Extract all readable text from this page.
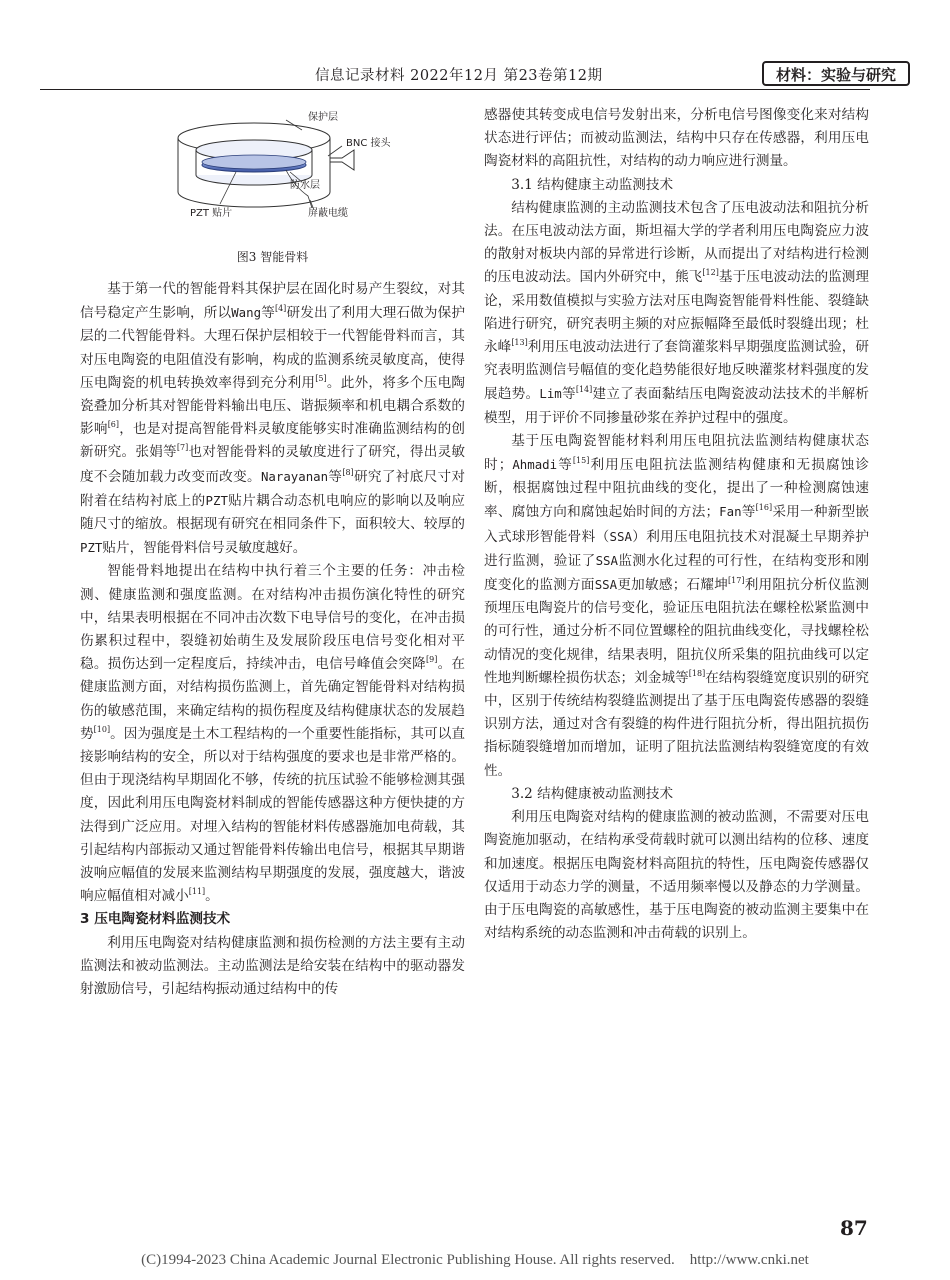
信息记录材料 2022年12月 第23卷第12期	材料：实验与研究
保护层
BNC 接头
防水层
PZT 贴片	屏蔽电缆
图3 智能骨料

基于第一代的智能骨料其保护层在固化时易产生裂纹，对其信号稳定产生影响，所以Wang等[4]研发出了利用大理石做为保护层的二代智能骨料。大理石保护层相较于一代智能骨料而言，其对压电陶瓷的电阻值没有影响，构成的监测系统灵敏度高，使得压电陶瓷的机电转换效率得到充分利用[5]。此外，将多个压电陶瓷叠加分析其对智能骨料输出电压、谐振频率和机电耦合系数的影响[6]，也是对提高智能骨料灵敏度能够实时准确监测结构的创新研究。张娟等[7]也对智能骨料的灵敏度进行了研究，得出灵敏度不会随加载力改变而改变。Narayanan等[8]研究了衬底尺寸对附着在结构衬底上的PZT贴片耦合动态机电响应的影响以及响应随尺寸的缩放。根据现有研究在相同条件下，面积较大、较厚的PZT贴片，智能骨料信号灵敏度越好。

智能骨料地提出在结构中执行着三个主要的任务：冲击检测、健康监测和强度监测。在对结构冲击损伤演化特性的研究中，结果表明根据在不同冲击次数下电导信号的变化，在冲击损伤累积过程中，裂缝初始萌生及发展阶段压电信号变化相对平稳。损伤达到一定程度后，持续冲击，电信号峰值会突降[9]。在健康监测方面，对结构损伤监测上，首先确定智能骨料对结构损伤的敏感范围，来确定结构的损伤程度及结构健康状态的发展趋势[10]。因为强度是土木工程结构的一个重要性能指标，其可以直接影响结构的安全，所以对于结构强度的要求也是非常严格的。但由于现浇结构早期固化不够，传统的抗压试验不能够检测其强度，因此利用压电陶瓷材料制成的智能传感器这种方便快捷的方法得到广泛应用。对埋入结构的智能材料传感器施加电荷载，其引起结构内部振动又通过智能骨料传输出电信号，根据其早期谐波响应幅值的发展来监测结构早期强度的发展，强度越大，谐波响应幅值相对减小[11]。

3 压电陶瓷材料监测技术

利用压电陶瓷对结构健康监测和损伤检测的方法主要有主动监测法和被动监测法。主动监测法是给安装在结构中的驱动器发射激励信号，引起结构振动通过结构中的传

感器使其转变成电信号发射出来，分析电信号图像变化来对结构状态进行评估；而被动监测法，结构中只存在传感器，利用压电陶瓷材料的高阻抗性，对结构的动力响应进行测量。

3.1 结构健康主动监测技术

结构健康监测的主动监测技术包含了压电波动法和阻抗分析法。在压电波动法方面，斯坦福大学的学者利用压电陶瓷应力波的散射对板块内部的异常进行诊断，从而提出了对结构进行检测的压电波动法。国内外研究中，熊飞[12]基于压电波动法的监测理论，采用数值模拟与实验方法对压电陶瓷智能骨料性能、裂缝缺陷进行研究，研究表明主频的对应振幅降至最低时裂缝出现；杜永峰[13]利用压电波动法进行了套筒灌浆料早期强度监测试验，研究表明监测信号幅值的变化趋势能很好地反映灌浆材料强度的发展趋势。Lim等[14]建立了表面黏结压电陶瓷波动法技术的半解析模型，用于评价不同掺量砂浆在养护过程中的强度。

基于压电陶瓷智能材料利用压电阻抗法监测结构健康状态时；Ahmadi等[15]利用压电阻抗法监测结构健康和无损腐蚀诊断，根据腐蚀过程中阻抗曲线的变化，提出了一种检测腐蚀速率、腐蚀方向和腐蚀起始时间的方法；Fan等[16]采用一种新型嵌入式球形智能骨料（SSA）利用压电阻抗技术对混凝土早期养护进行监测，验证了SSA监测水化过程的可行性，在结构变形和刚度变化的监测方面SSA更加敏感；石耀坤[17]利用阻抗分析仪监测预埋压电陶瓷片的信号变化，验证压电阻抗法在螺栓松紧监测中的可行性，通过分析不同位置螺栓的阻抗曲线变化，寻找螺栓松动情况的变化规律，结果表明，阻抗仪所采集的阻抗曲线可以定性地判断螺栓损伤状态；刘金城等[18]在结构裂缝宽度识别的研究中，区别于传统结构裂缝监测提出了基于压电陶瓷传感器的裂缝识别方法，通过对含有裂缝的构件进行阻抗分析，得出阻抗损伤指标随裂缝增加而增加，证明了阻抗法监测结构裂缝宽度的有效性。

3.2 结构健康被动监测技术

利用压电陶瓷对结构的健康监测的被动监测，不需要对压电陶瓷施加驱动，在结构承受荷载时就可以测出结构的位移、速度和加速度。根据压电陶瓷材料高阻抗的特性，压电陶瓷传感器仅仅适用于动态力学的测量，不适用频率慢以及静态的力学测量。由于压电陶瓷的高敏感性，基于压电陶瓷的被动监测主要集中在对结构系统的动态监测和冲击荷载的识别上。

87
(C)1994-2023 China Academic Journal Electronic Publishing House. All rights reserved.    http://www.cnki.net
